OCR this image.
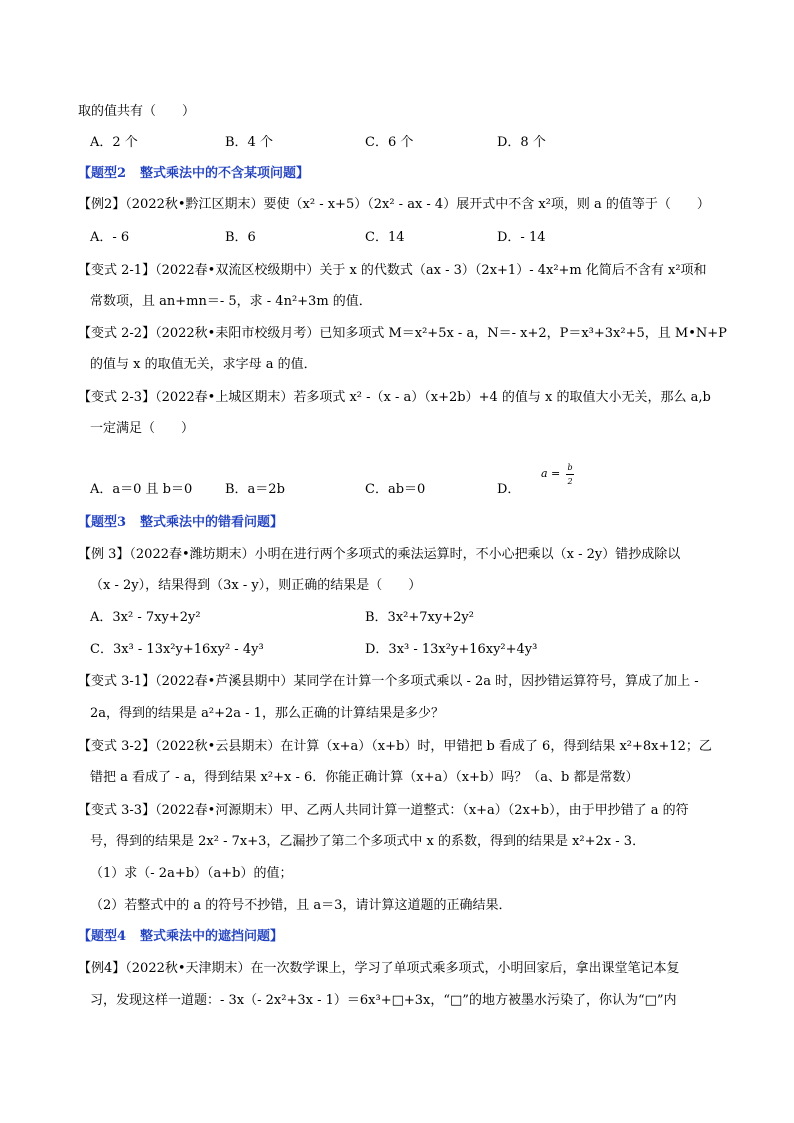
取的值共有（　　）
A．2 个	B．4 个	C．6 个	D．8 个
【题型2 整式乘法中的不含某项问题】
【例2】（2022秋•黔江区期末）要使（x² - x+5）（2x² - ax - 4）展开式中不含 x²项，则 a 的值等于（　　）
A．- 6	B．6	C．14	D．- 14
【变式 2-1】（2022春•双流区校级期中）关于 x 的代数式（ax - 3）（2x+1）- 4x²+m 化简后不含有 x²项和
常数项，且 an+mn＝- 5，求 - 4n²+3m 的值．
【变式 2-2】（2022秋•耒阳市校级月考）已知多项式 M＝x²+5x - a，N＝- x+2，P＝x³+3x²+5，且 M•N+P
的值与 x 的取值无关，求字母 a 的值．
【变式 2-3】（2022春•上城区期末）若多项式 x² -（x - a）（x+2b）+4 的值与 x 的取值大小无关，那么 a,b
一定满足（　　）
A．a＝0 且 b＝0	B．a＝2b	C．ab＝0	D．
a = b
2
【题型3 整式乘法中的错看问题】
【例 3】（2022春•潍坊期末）小明在进行两个多项式的乘法运算时，不小心把乘以（x - 2y）错抄成除以
（x - 2y），结果得到（3x - y），则正确的结果是（　　）
A．3x² - 7xy+2y²	B．3x²+7xy+2y²
C．3x³ - 13x²y+16xy² - 4y³	D．3x³ - 13x²y+16xy²+4y³
【变式 3-1】（2022春•芦溪县期中）某同学在计算一个多项式乘以 - 2a 时，因抄错运算符号，算成了加上 -
2a，得到的结果是 a²+2a - 1，那么正确的计算结果是多少？
【变式 3-2】（2022秋•云县期末）在计算（x+a）（x+b）时，甲错把 b 看成了 6，得到结果 x²+8x+12；乙
错把 a 看成了 - a，得到结果 x²+x - 6．你能正确计算（x+a）（x+b）吗？（a、b 都是常数）
【变式 3-3】（2022春•河源期末）甲、乙两人共同计算一道整式：（x+a）（2x+b），由于甲抄错了 a 的符
号，得到的结果是 2x² - 7x+3，乙漏抄了第二个多项式中 x 的系数，得到的结果是 x²+2x - 3．
（1）求（- 2a+b）（a+b）的值；
（2）若整式中的 a 的符号不抄错，且 a＝3，请计算这道题的正确结果．
【题型4 整式乘法中的遮挡问题】
【例4】（2022秋•天津期末）在一次数学课上，学习了单项式乘多项式，小明回家后，拿出课堂笔记本复
习，发现这样一道题：- 3x（- 2x²+3x - 1）＝6x³+□+3x，“□”的地方被墨水污染了，你认为“□”内
